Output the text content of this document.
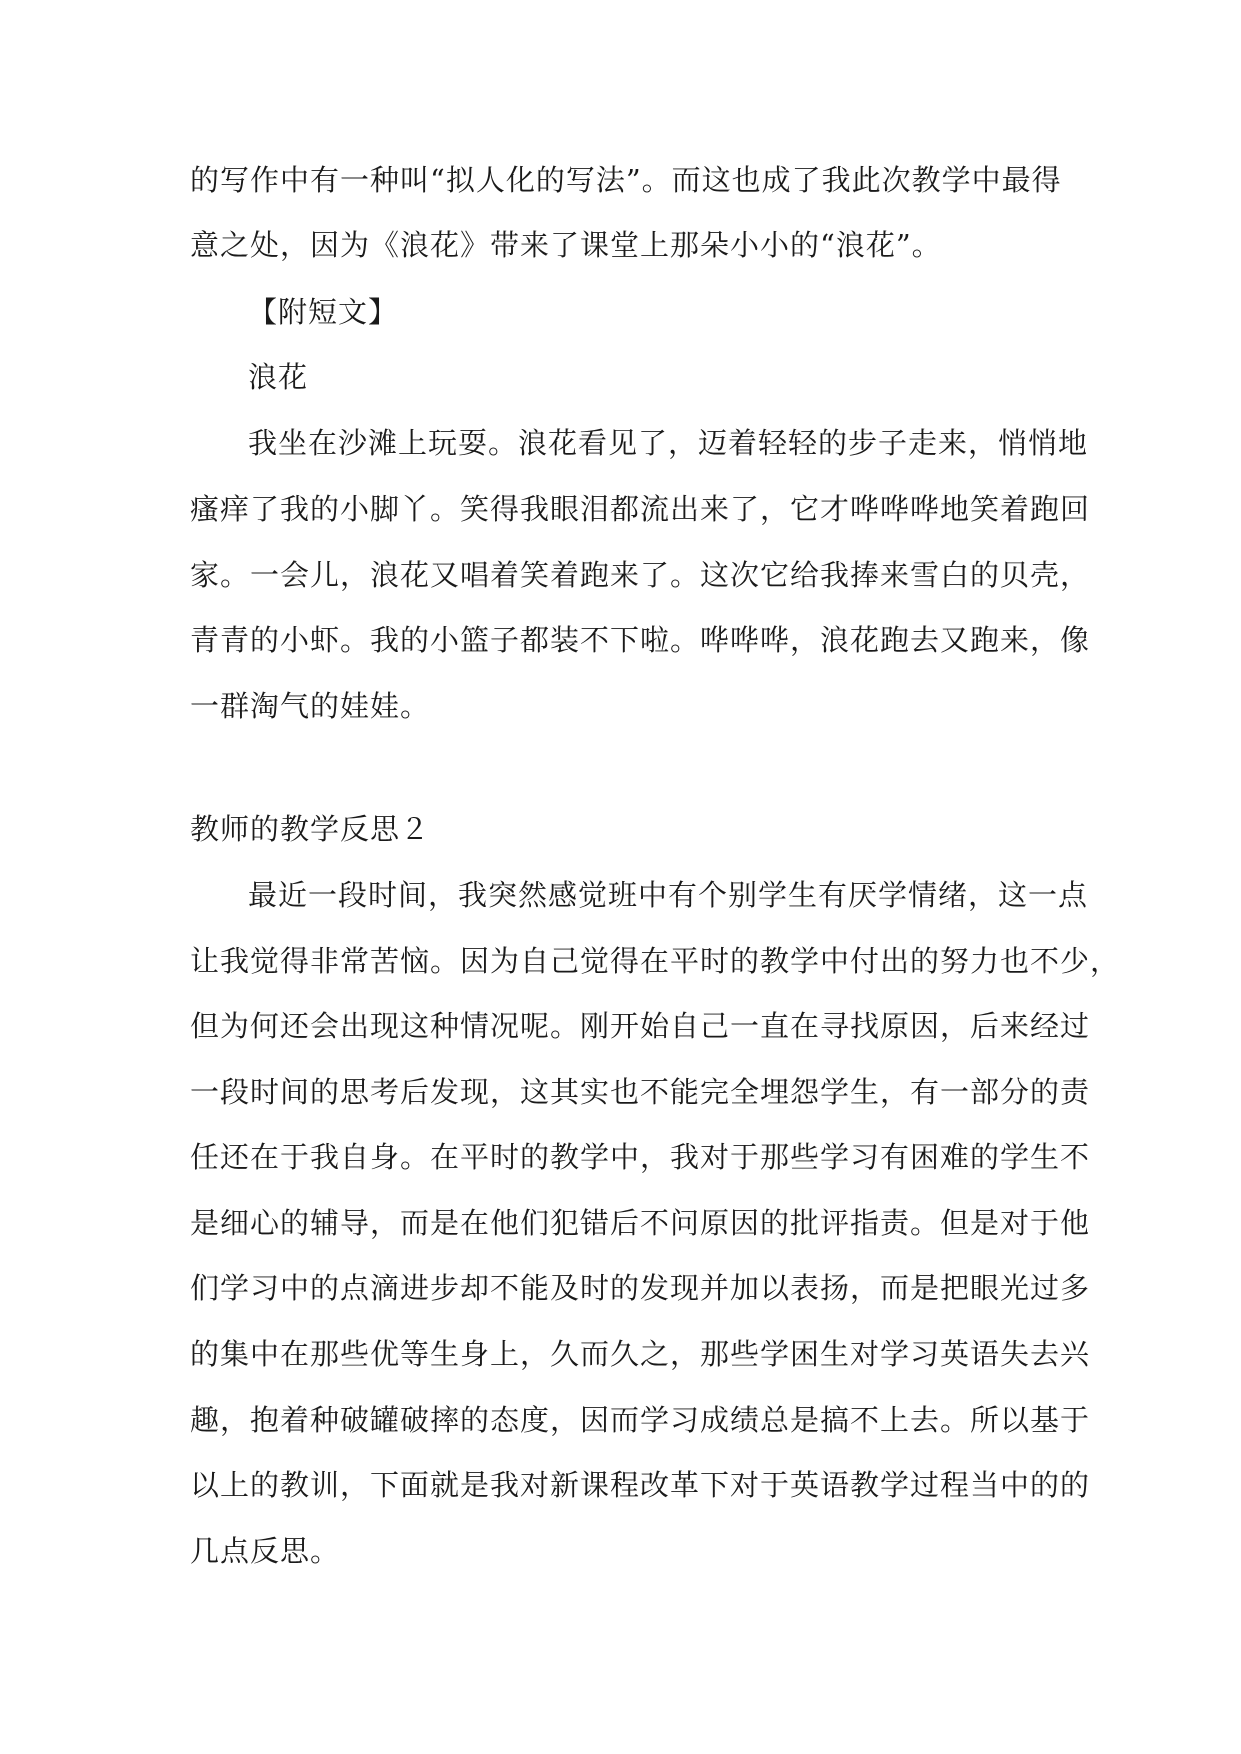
的写作中有一种叫“拟人化的写法”。而这也成了我此次教学中最得

意之处，因为《浪花》带来了课堂上那朵小小的“浪花”。

【附短文】

浪花

我坐在沙滩上玩耍。浪花看见了，迈着轻轻的步子走来，悄悄地

瘙痒了我的小脚丫。笑得我眼泪都流出来了，它才哗哗哗地笑着跑回

家。一会儿，浪花又唱着笑着跑来了。这次它给我捧来雪白的贝壳，

青青的小虾。我的小篮子都装不下啦。哗哗哗，浪花跑去又跑来，像

一群淘气的娃娃。

教师的教学反思２

最近一段时间，我突然感觉班中有个别学生有厌学情绪，这一点

让我觉得非常苦恼。因为自己觉得在平时的教学中付出的努力也不少，

但为何还会出现这种情况呢。刚开始自己一直在寻找原因，后来经过

一段时间的思考后发现，这其实也不能完全埋怨学生，有一部分的责

任还在于我自身。在平时的教学中，我对于那些学习有困难的学生不

是细心的辅导，而是在他们犯错后不问原因的批评指责。但是对于他

们学习中的点滴进步却不能及时的发现并加以表扬，而是把眼光过多

的集中在那些优等生身上，久而久之，那些学困生对学习英语失去兴

趣，抱着种破罐破摔的态度，因而学习成绩总是搞不上去。所以基于

以上的教训，下面就是我对新课程改革下对于英语教学过程当中的的

几点反思。
